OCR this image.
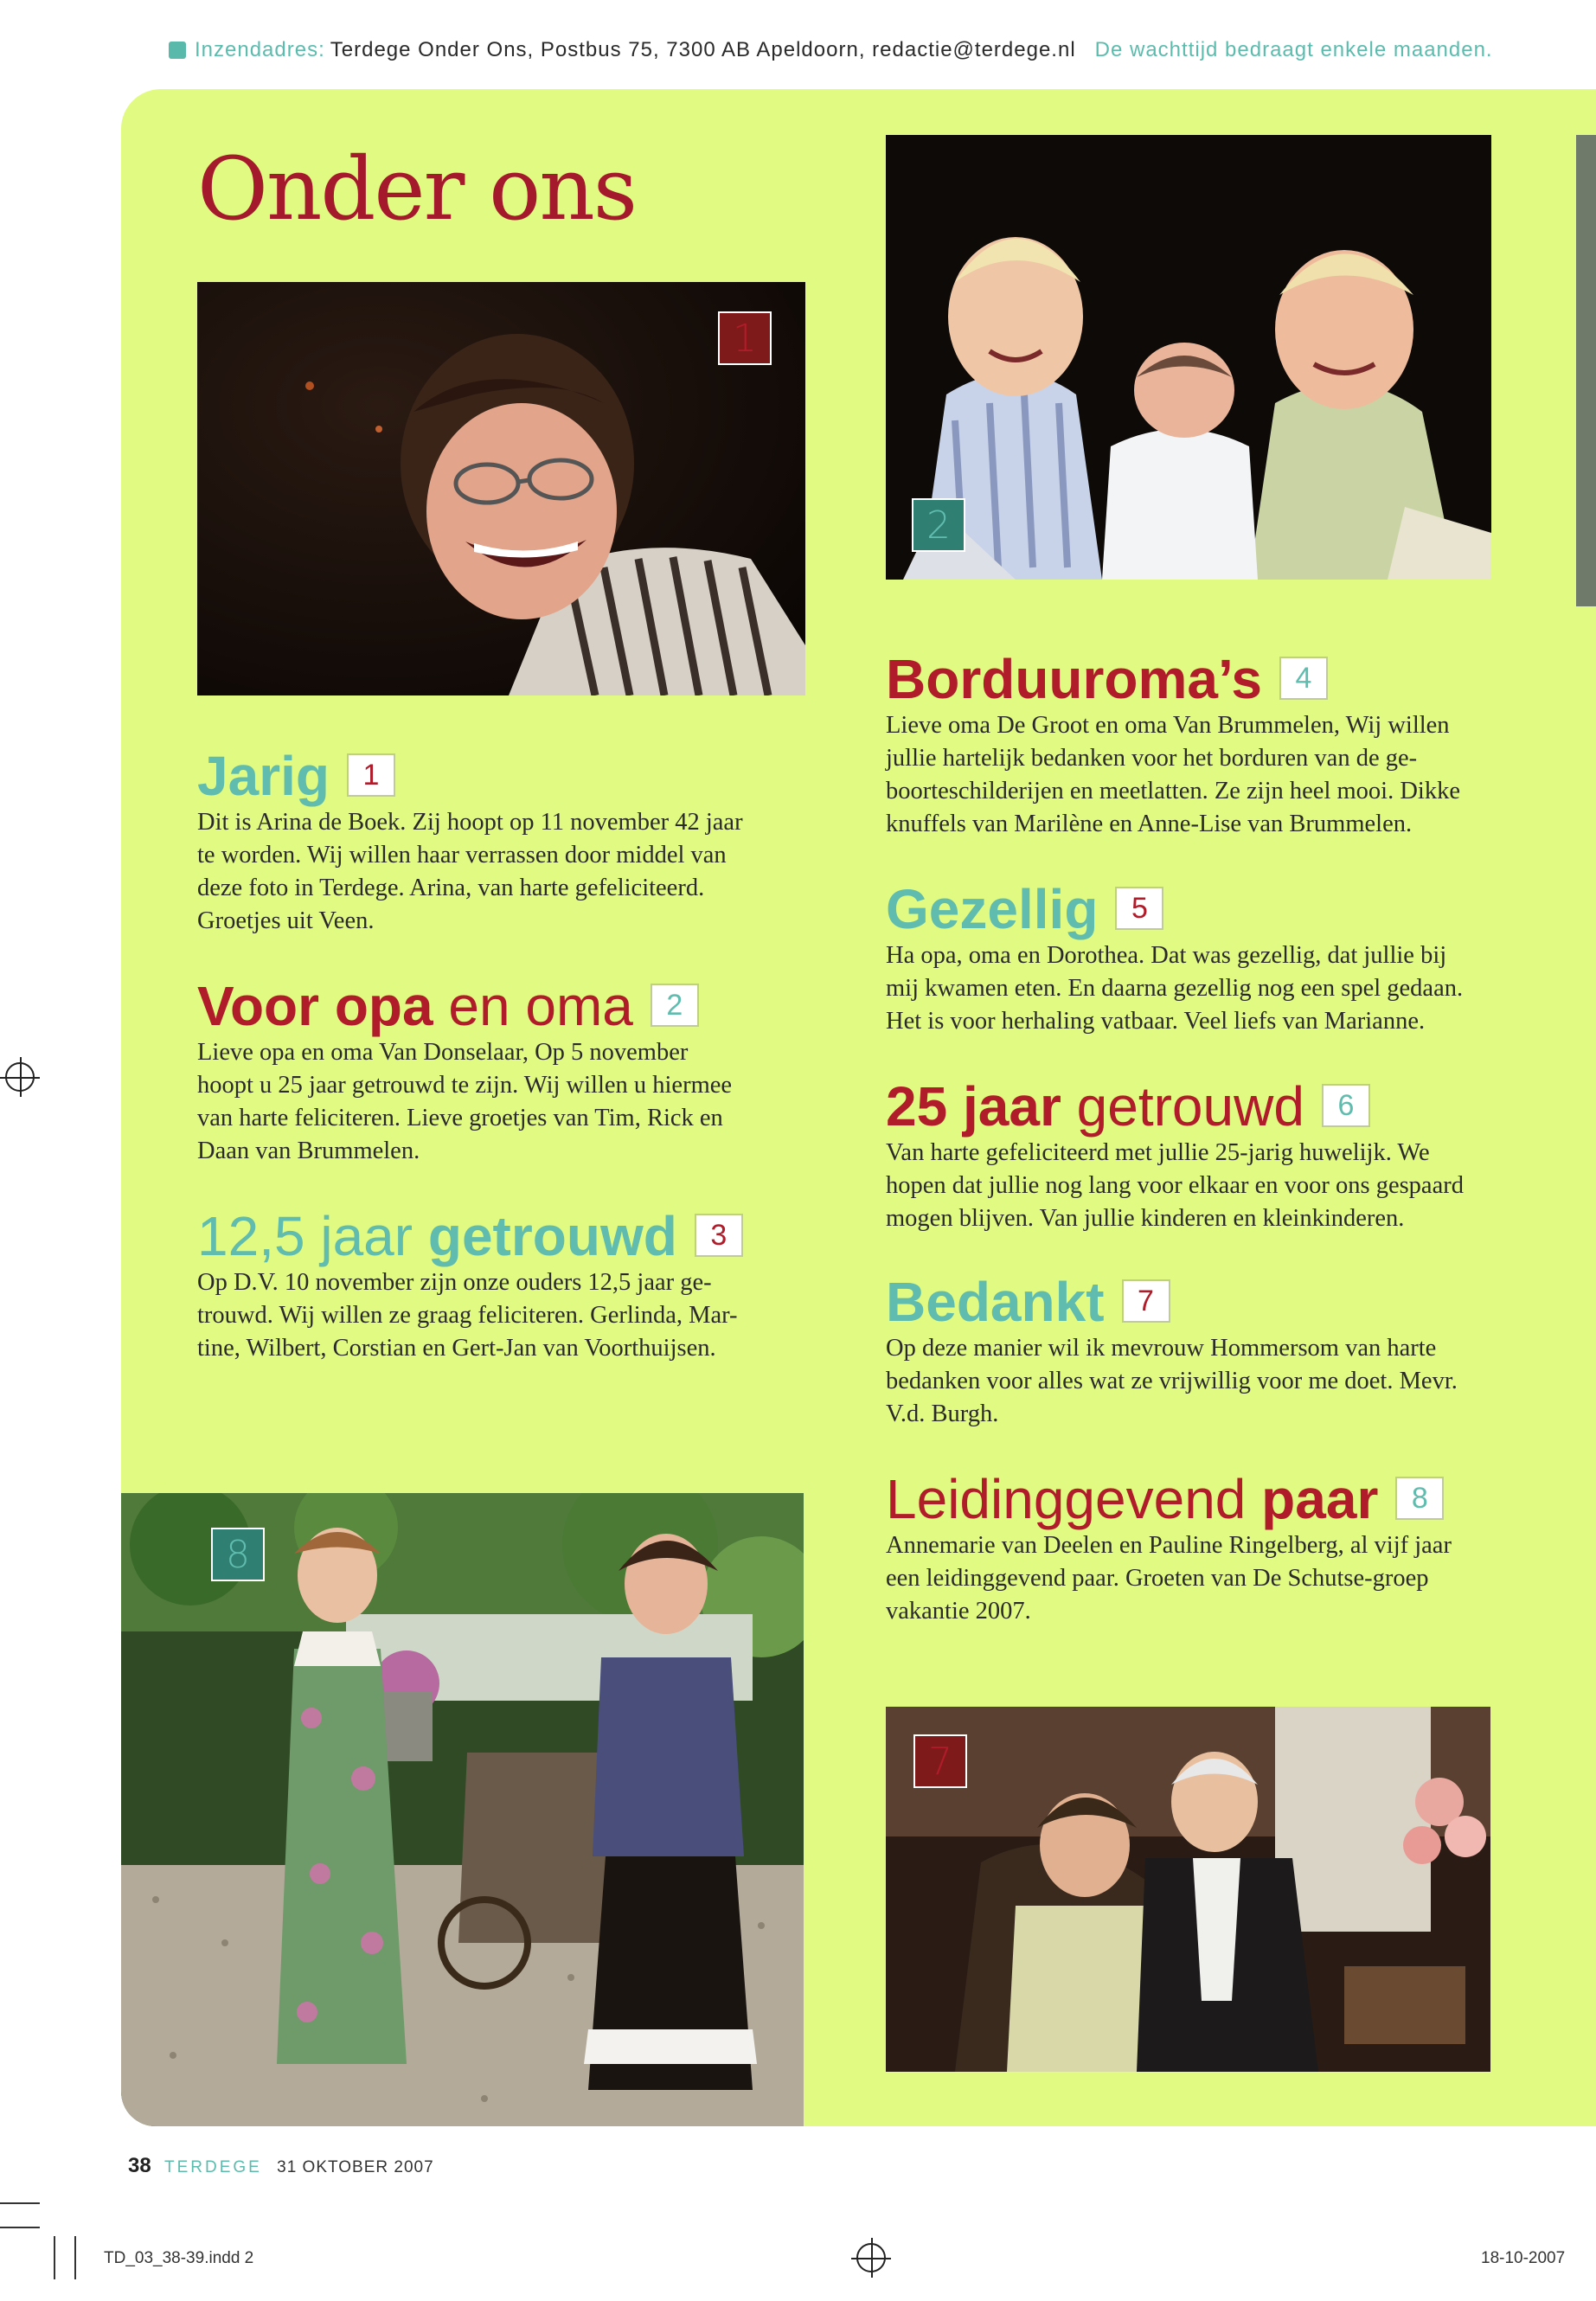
Inzendadres: Terdege Onder Ons, Postbus 75, 7300 AB Apeldoorn, redactie@terdege.nl De wachttijd bedraagt enkele maanden.
Onder ons
1
2
Jarig 1
Dit is Arina de Boek. Zij hoopt op 11 november 42 jaar
te worden. Wij willen haar verrassen door middel van
deze foto in Terdege. Arina, van harte gefeliciteerd.
Groetjes uit Veen.
Voor opa en oma 2
Lieve opa en oma Van Donselaar, Op 5 november
hoopt u 25 jaar getrouwd te zijn. Wij willen u hiermee
van harte feliciteren. Lieve groetjes van Tim, Rick en
Daan van Brummelen.
12,5 jaar getrouwd 3
Op D.V. 10 november zijn onze ouders 12,5 jaar ge-
trouwd. Wij willen ze graag feliciteren. Gerlinda, Mar-
tine, Wilbert, Corstian en Gert-Jan van Voorthuijsen.
Borduuroma’s 4
Lieve oma De Groot en oma Van Brummelen, Wij willen
jullie hartelijk bedanken voor het borduren van de ge-
boorteschilderijen en meetlatten. Ze zijn heel mooi. Dikke
knuffels van Marilène en Anne-Lise van Brummelen.
Gezellig 5
Ha opa, oma en Dorothea. Dat was gezellig, dat jullie bij
mij kwamen eten. En daarna gezellig nog een spel gedaan.
Het is voor herhaling vatbaar. Veel liefs van Marianne.
25 jaar getrouwd 6
Van harte gefeliciteerd met jullie 25-jarig huwelijk. We
hopen dat jullie nog lang voor elkaar en voor ons gespaard
mogen blijven. Van jullie kinderen en kleinkinderen.
Bedankt 7
Op deze manier wil ik mevrouw Hommersom van harte
bedanken voor alles wat ze vrijwillig voor me doet. Mevr.
V.d. Burgh.
Leidinggevend paar 8
Annemarie van Deelen en Pauline Ringelberg, al vijf jaar
een leidinggevend paar. Groeten van De Schutse-groep
vakantie 2007.
8
7
38 TERDEGE 31 OKTOBER 2007
TD_03_38-39.indd 2	18-10-2007
